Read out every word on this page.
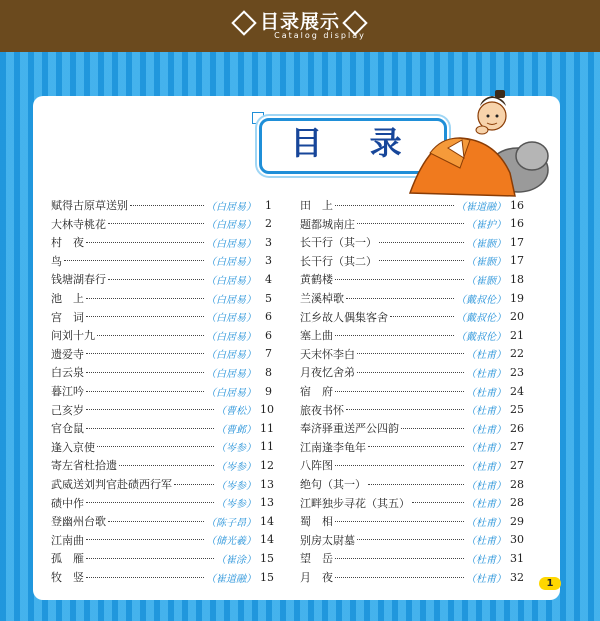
目录展示
Catalog display
目 录
赋得古原草送别	（白居易） 1
大林寺桃花	（白居易） 2
村　夜	（白居易） 3
鸟	（白居易） 3
钱塘湖春行	（白居易） 4
池　上	（白居易） 5
宫　词	（白居易） 6
问刘十九	（白居易） 6
遗爱寺	（白居易） 7
白云泉	（白居易） 8
暮江吟	（白居易） 9
己亥岁	（曹松） 10
官仓鼠	（曹邺） 11
逢入京使	（岑参） 11
寄左省杜拾遗	（岑参） 12
武威送刘判官赴碛西行军	（岑参） 13
碛中作	（岑参） 13
登幽州台歌	（陈子昂） 14
江南曲	（储光羲） 14
孤　雁	（崔涂） 15
牧　竖	（崔道融） 15
田　上	（崔道融） 16
题都城南庄	（崔护） 16
长干行（其一）	（崔颢） 17
长干行（其二）	（崔颢） 17
黄鹤楼	（崔颢） 18
兰溪棹歌	（戴叔伦） 19
江乡故人偶集客舍	（戴叔伦） 20
塞上曲	（戴叔伦） 21
天末怀李白	（杜甫） 22
月夜忆舍弟	（杜甫） 23
宿　府	（杜甫） 24
旅夜书怀	（杜甫） 25
奉济驿重送严公四韵	（杜甫） 26
江南逢李龟年	（杜甫） 27
八阵图	（杜甫） 27
绝句（其一）	（杜甫） 28
江畔独步寻花（其五）	（杜甫） 28
蜀　相	（杜甫） 29
别房太尉墓	（杜甫） 30
望　岳	（杜甫） 31
月　夜	（杜甫） 32	1
